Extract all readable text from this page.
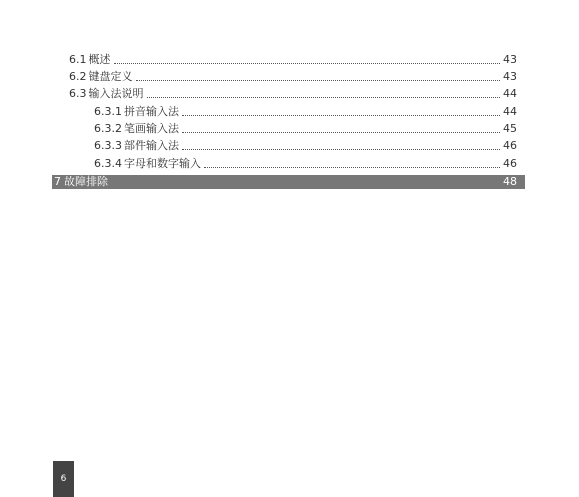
6.1 概述	43
6.2 键盘定义	43
6.3 输入法说明	44
6.3.1 拼音输入法	44
6.3.2 笔画输入法	45
6.3.3 部件输入法	46
6.3.4 字母和数字输入	46
7 故障排除	48
6
